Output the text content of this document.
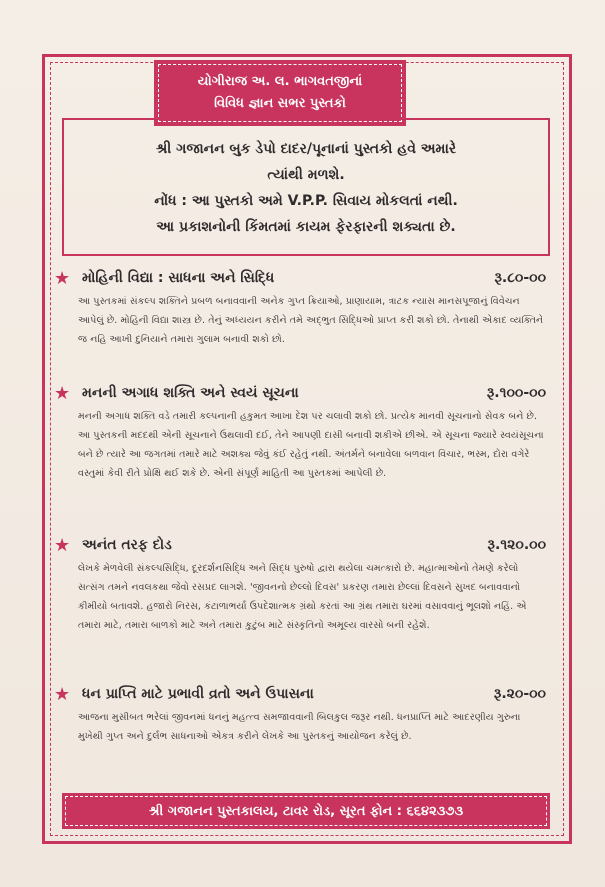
યોગીરાજ અ. લ. ભાગવતજીનાં
વિવિધ જ્ઞાન સભર પુસ્તકો

શ્રી ગજાનન બુક ડેપો દાદર/પૂનાનાં પુસ્તકો હવે અમારે

ત્યાંથી મળશે.

નોંધ : આ પુસ્તકો અમે V.P.P. સિવાય મોકલતાં નથી.

આ પ્રકાશનોની કિંમતમાં કાયમ ફેરફારની શક્યતા છે.

★ મોહિની વિદ્યા : સાધના અને સિદ્ધિ	રૂ.૮૦-૦૦
આ પુસ્તકમાં સંકલ્પ શક્તિને પ્રબળ બનાવવાની અનેક ગુપ્ત ક્રિયાઓ, પ્રાણાયામ, ત્રાટક ન્યાસ માનસપૂજાનું વિવેચન આપેલું છે. મોહિની વિદ્યા શાસ્ત્ર છે. તેનું અધ્યયન કરીને તમે અદ્ભુત સિદ્ધિઓ પ્રાપ્ત કરી શકો છો. તેનાથી એકાદ વ્યક્તિને જ નહિ આખી દુનિયાને તમારા ગુલામ બનાવી શકો છો.
★ મનની અગાધ શક્તિ અને સ્વયં સૂચના	રૂ.૧૦૦-૦૦
મનની અગાધ શક્તિ વડે તમારી કલ્પનાની હકુમત આખા દેશ પર ચલાવી શકો છો. પ્રત્યેક માનવી સૂચનાનો સેવક બને છે. આ પુસ્તકની મદદથી એની સૂચનાને ઉથલાવી દઈ, તેને આપણી દાસી બનાવી શકીએ છીએ. એ સૂચના જ્યારે સ્વયંસૂચના બને છે ત્યારે આ જગતમાં તમારે માટે અશક્ય જેવું કંઈ રહેતું નથી. અંતર્મને બનાવેલા બળવાન વિચાર, ભસ્મ, દોરા વગેરે વસ્તુમાં કેવી રીતે પ્રોક્ષિ થઈ શકે છે. એની સંપૂર્ણ માહિતી આ પુસ્તકમાં આપેલી છે.
★ અનંત તરફ દોડ	રૂ.૧૨૦.૦૦
લેખકે મેળવેલી સંકલ્પસિદ્ધિ, દૂરદર્શનસિદ્ધિ અને સિદ્ધ પુરુષો દ્વારા થયેલા ચમત્કારો છે. મહાત્માઓનો તેમણે કરેલો સત્સંગ તમને નવલકથા જેવો રસપ્રદ લાગશે. 'જીવનનો છેલ્લો દિવસ' પ્રકરણ તમારા છેલ્લાં દિવસને સુખદ બનાવવાનો કીમીયો બતાવશે. હજારો નિરસ, કંટાળાભર્યા ઉપદેશાત્મક ગ્રંથો કરતાં આ ગ્રંથ તમારા ઘરમાં વસાવવાનું ભૂલશો નહિં. એ તમારા માટે, તમારા બાળકો માટે અને તમારા કુટુંબ માટે સંસ્કૃતિનો અમૂલ્ય વારસો બની રહેશે.
★ ધન પ્રાપ્તિ માટે પ્રભાવી વ્રતો અને ઉપાસના	રૂ.૨૦-૦૦
આજના મુસીબત ભરેલાં જીવનમાં ધનનું મહત્ત્વ સમજાવવાની બિલકુલ જરૂર નથી. ધનપ્રાપ્તિ માટે આદરણીય ગુરુના મુખેથી ગુપ્ત અને દુર્લભ સાધનાઓ એકત્ર કરીને લેખકે આ પુસ્તકનું આયોજન કરેલું છે.
શ્રી ગજાનન પુસ્તકાલય, ટાવર રોડ, સૂરત ફોન : ૬૬૪૨૩૭૩
